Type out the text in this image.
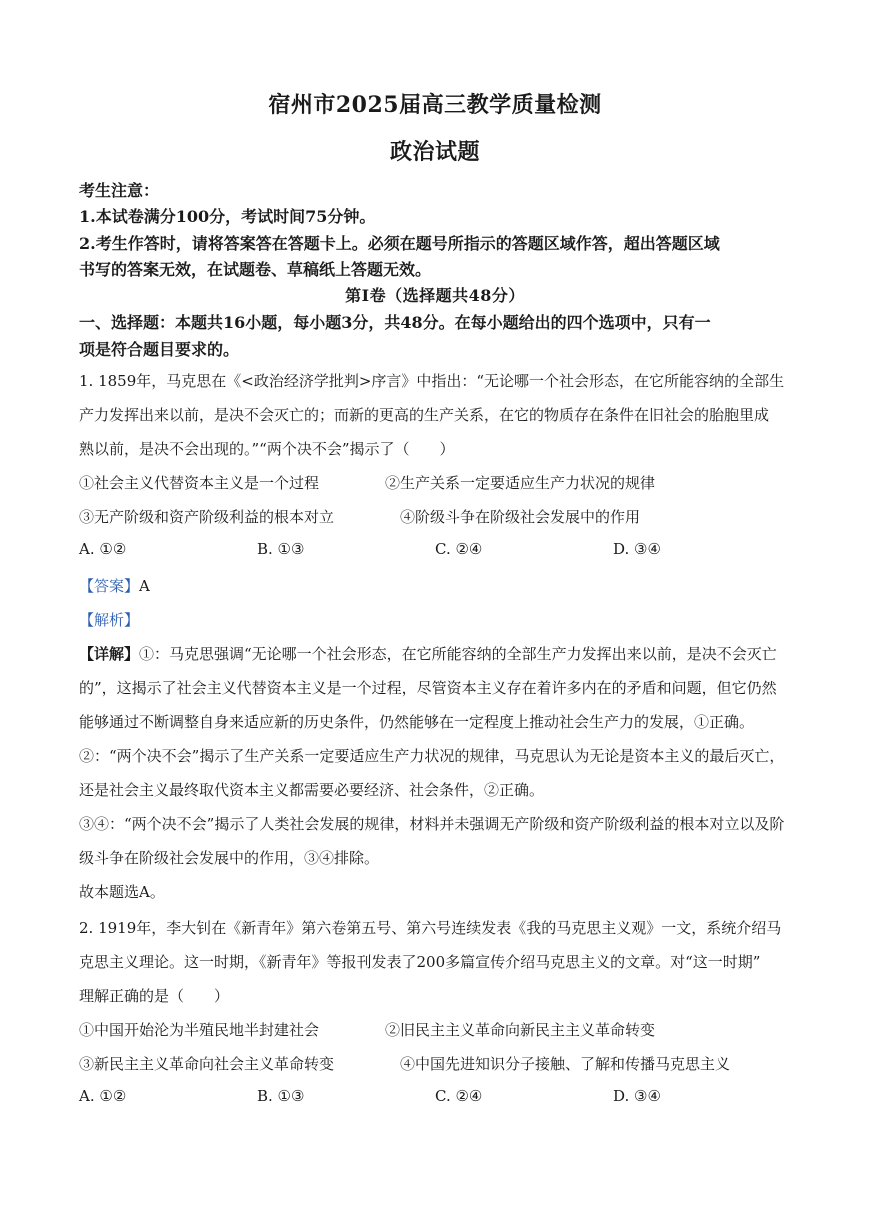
宿州市2025届高三教学质量检测
政治试题
考生注意：
1.本试卷满分100分，考试时间75分钟。
2.考生作答时，请将答案答在答题卡上。必须在题号所指示的答题区域作答，超出答题区域
书写的答案无效，在试题卷、草稿纸上答题无效。
第Ⅰ卷（选择题共48分）
一、选择题：本题共16小题，每小题3分，共48分。在每小题给出的四个选项中，只有一
项是符合题目要求的。
1. 1859年，马克思在《<政治经济学批判>序言》中指出：“无论哪一个社会形态，在它所能容纳的全部生
产力发挥出来以前，是决不会灭亡的；而新的更高的生产关系，在它的物质存在条件在旧社会的胎胞里成
熟以前，是决不会出现的。”“两个决不会”揭示了（　　）
①社会主义代替资本主义是一个过程	②生产关系一定要适应生产力状况的规律
③无产阶级和资产阶级利益的根本对立	④阶级斗争在阶级社会发展中的作用
A. ①②	B. ①③	C. ②④	D. ③④
【答案】A
【解析】
【详解】①：马克思强调“无论哪一个社会形态，在它所能容纳的全部生产力发挥出来以前，是决不会灭亡
的”，这揭示了社会主义代替资本主义是一个过程，尽管资本主义存在着许多内在的矛盾和问题，但它仍然
能够通过不断调整自身来适应新的历史条件，仍然能够在一定程度上推动社会生产力的发展，①正确。
②：“两个决不会”揭示了生产关系一定要适应生产力状况的规律，马克思认为无论是资本主义的最后灭亡，
还是社会主义最终取代资本主义都需要必要经济、社会条件，②正确。
③④：“两个决不会”揭示了人类社会发展的规律，材料并未强调无产阶级和资产阶级利益的根本对立以及阶
级斗争在阶级社会发展中的作用，③④排除。
故本题选A。
2. 1919年，李大钊在《新青年》第六卷第五号、第六号连续发表《我的马克思主义观》一文，系统介绍马
克思主义理论。这一时期，《新青年》等报刊发表了200多篇宣传介绍马克思主义的文章。对“这一时期”
理解正确的是（　　）
①中国开始沦为半殖民地半封建社会	②旧民主主义革命向新民主主义革命转变
③新民主主义革命向社会主义革命转变	④中国先进知识分子接触、了解和传播马克思主义
A. ①②	B. ①③	C. ②④	D. ③④
